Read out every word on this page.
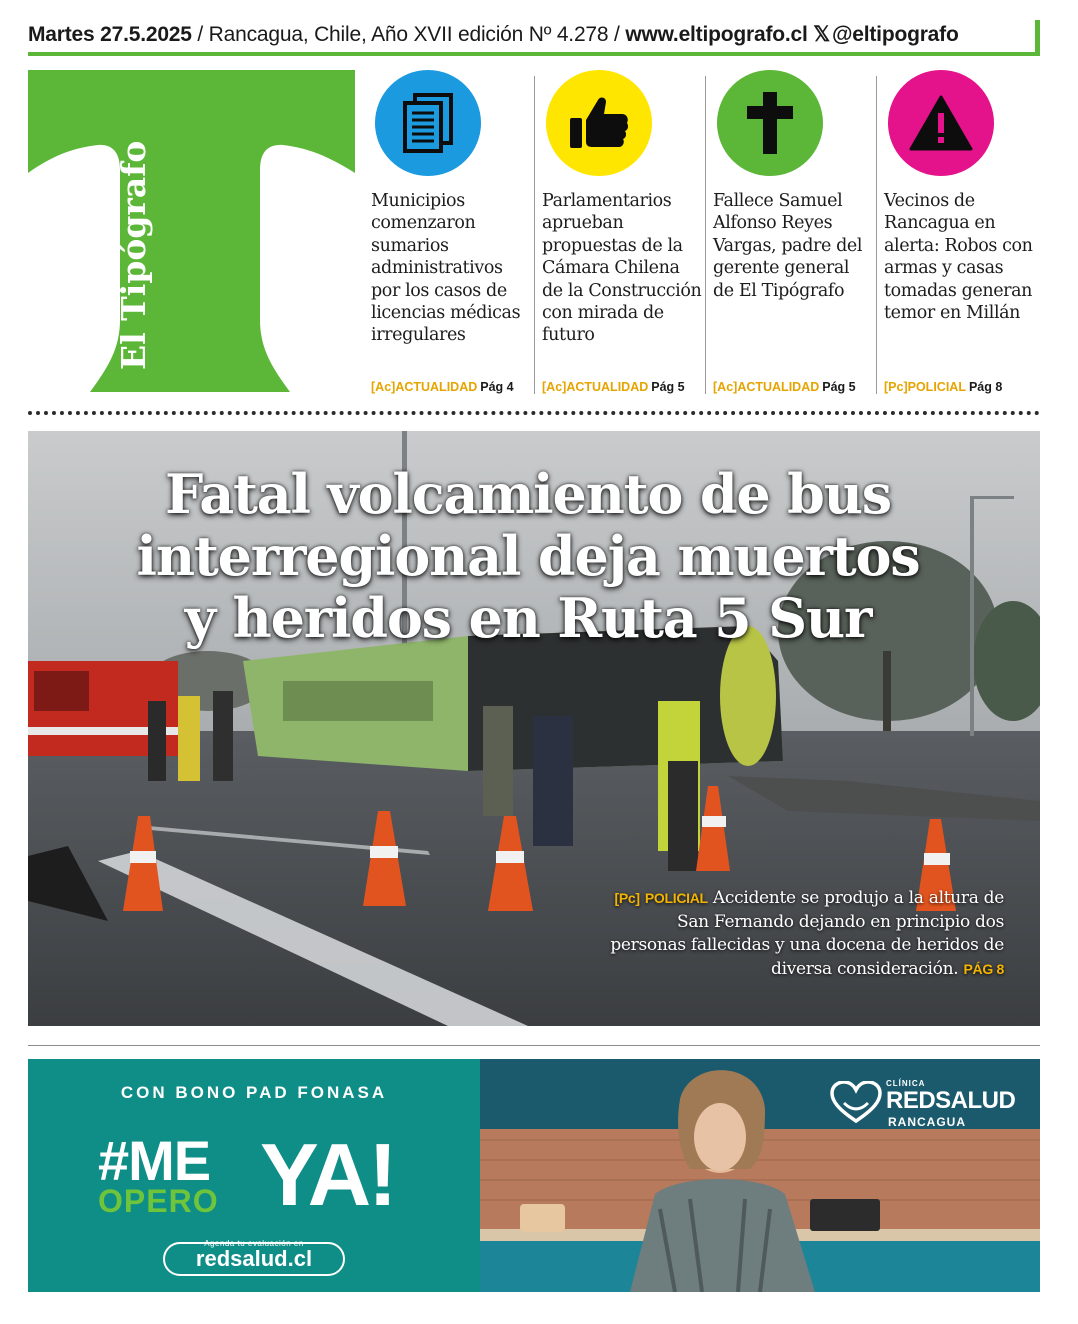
Martes 27.5.2025 / Rancagua, Chile, Año XVII edición Nº 4.278 / www.eltipografo.cl 𝕏@eltipografo
El Tipógrafo	Municipios comenzaron sumarios administrativos por los casos de licencias médicas irregulares
[Ac]ACTUALIDAD Pág 4
Parlamentarios aprueban propuestas de la Cámara Chilena de la Construcción con mirada de futuro
[Ac]ACTUALIDAD Pág 5
Fallece Samuel Alfonso Reyes Vargas, padre del gerente general de El Tipógrafo
[Ac]ACTUALIDAD Pág 5
Vecinos de Rancagua en alerta: Robos con armas y casas tomadas generan temor en Millán
[Pc]POLICIAL Pág 8
Fatal volcamiento de bus interregional deja muertos y heridos en Ruta 5 Sur
[Pc] POLICIAL Accidente se produjo a la altura de San Fernando dejando en principio dos personas fallecidas y una docena de heridos de diversa consideración. PÁG 8
CON BONO PAD FONASA
#ME
OPERO YA!
Agenda tu evaluación en
redsalud.cl
CLÍNICA
REDSALUD
RANCAGUA
